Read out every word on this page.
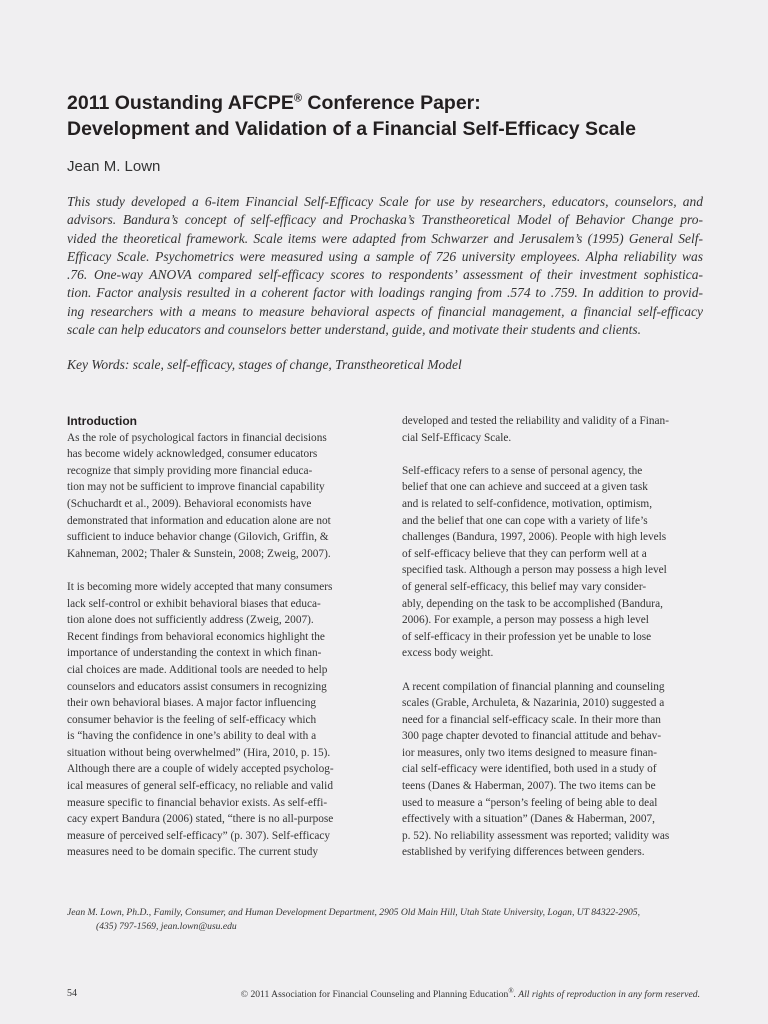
2011 Oustanding AFCPE® Conference Paper:
Development and Validation of a Financial Self-Efficacy Scale
Jean M. Lown
This study developed a 6-item Financial Self-Efficacy Scale for use by researchers, educators, counselors, and
advisors. Bandura’s concept of self-efficacy and Prochaska’s Transtheoretical Model of Behavior Change pro-
vided the theoretical framework. Scale items were adapted from Schwarzer and Jerusalem’s (1995) General Self-
Efficacy Scale. Psychometrics were measured using a sample of 726 university employees. Alpha reliability was
.76. One-way ANOVA compared self-efficacy scores to respondents’ assessment of their investment sophistica-
tion. Factor analysis resulted in a coherent factor with loadings ranging from .574 to .759. In addition to provid-
ing researchers with a means to measure behavioral aspects of financial management, a financial self-efficacy
scale can help educators and counselors better understand, guide, and motivate their students and clients.
Key Words: scale, self-efficacy, stages of change, Transtheoretical Model
Introduction
As the role of psychological factors in financial decisions
has become widely acknowledged, consumer educators
recognize that simply providing more financial educa-
tion may not be sufficient to improve financial capability
(Schuchardt et al., 2009). Behavioral economists have
demonstrated that information and education alone are not
sufficient to induce behavior change (Gilovich, Griffin, &
Kahneman, 2002; Thaler & Sunstein, 2008; Zweig, 2007).
It is becoming more widely accepted that many consumers
lack self-control or exhibit behavioral biases that educa-
tion alone does not sufficiently address (Zweig, 2007).
Recent findings from behavioral economics highlight the
importance of understanding the context in which finan-
cial choices are made. Additional tools are needed to help
counselors and educators assist consumers in recognizing
their own behavioral biases. A major factor influencing
consumer behavior is the feeling of self-efficacy which
is “having the confidence in one’s ability to deal with a
situation without being overwhelmed” (Hira, 2010, p. 15).
Although there are a couple of widely accepted psycholog-
ical measures of general self-efficacy, no reliable and valid
measure specific to financial behavior exists. As self-effi-
cacy expert Bandura (2006) stated, “there is no all-purpose
measure of perceived self-efficacy” (p. 307). Self-efficacy
measures need to be domain specific. The current study
developed and tested the reliability and validity of a Finan-
cial Self-Efficacy Scale.
Self-efficacy refers to a sense of personal agency, the
belief that one can achieve and succeed at a given task
and is related to self-confidence, motivation, optimism,
and the belief that one can cope with a variety of life’s
challenges (Bandura, 1997, 2006). People with high levels
of self-efficacy believe that they can perform well at a
specified task. Although a person may possess a high level
of general self-efficacy, this belief may vary consider-
ably, depending on the task to be accomplished (Bandura,
2006). For example, a person may possess a high level
of self-efficacy in their profession yet be unable to lose
excess body weight.
A recent compilation of financial planning and counseling
scales (Grable, Archuleta, & Nazarinia, 2010) suggested a
need for a financial self-efficacy scale. In their more than
300 page chapter devoted to financial attitude and behav-
ior measures, only two items designed to measure finan-
cial self-efficacy were identified, both used in a study of
teens (Danes & Haberman, 2007). The two items can be
used to measure a “person’s feeling of being able to deal
effectively with a situation” (Danes & Haberman, 2007,
p. 52). No reliability assessment was reported; validity was
established by verifying differences between genders.
Jean M. Lown, Ph.D., Family, Consumer, and Human Development Department, 2905 Old Main Hill, Utah State University, Logan, UT 84322-2905,
(435) 797-1569, jean.lown@usu.edu
54	© 2011 Association for Financial Counseling and Planning Education®. All rights of reproduction in any form reserved.
